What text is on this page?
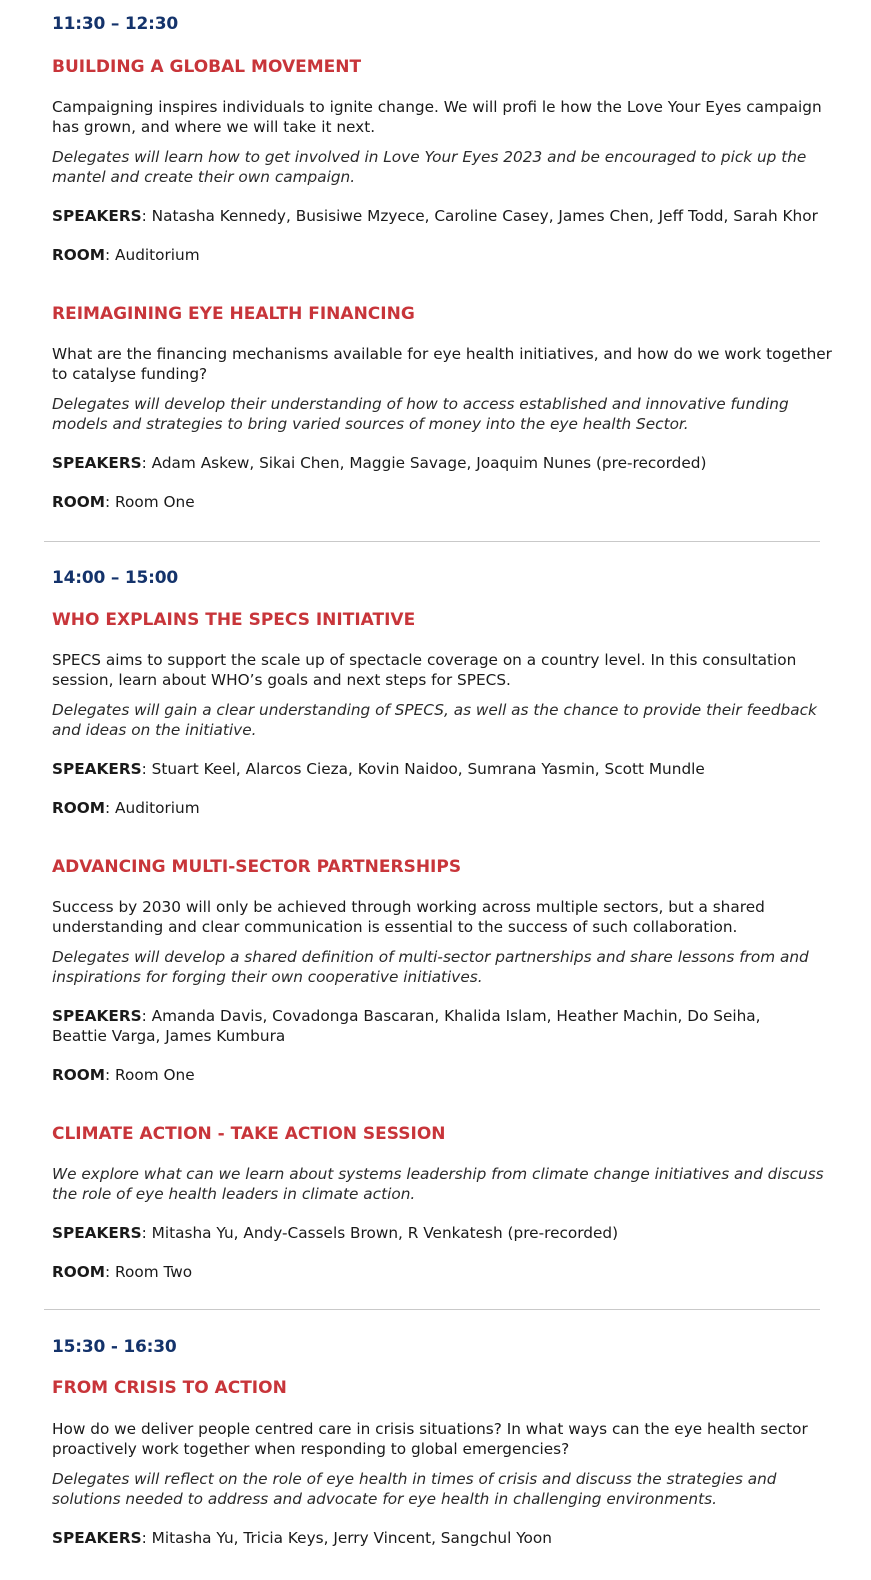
11:30 – 12:30
BUILDING A GLOBAL MOVEMENT
Campaigning inspires individuals to ignite change. We will profi le how the Love Your Eyes campaign has grown, and where we will take it next.
Delegates will learn how to get involved in Love Your Eyes 2023 and be encouraged to pick up the mantel and create their own campaign.
SPEAKERS: Natasha Kennedy, Busisiwe Mzyece, Caroline Casey, James Chen, Jeff Todd, Sarah Khor
ROOM: Auditorium
REIMAGINING EYE HEALTH FINANCING
What are the financing mechanisms available for eye health initiatives, and how do we work together to catalyse funding?
Delegates will develop their understanding of how to access established and innovative funding models and strategies to bring varied sources of money into the eye health Sector.
SPEAKERS: Adam Askew, Sikai Chen, Maggie Savage, Joaquim Nunes (pre-recorded)
ROOM: Room One
14:00 – 15:00
WHO EXPLAINS THE SPECS INITIATIVE
SPECS aims to support the scale up of spectacle coverage on a country level. In this consultation session, learn about WHO’s goals and next steps for SPECS.
Delegates will gain a clear understanding of SPECS, as well as the chance to provide their feedback and ideas on the initiative.
SPEAKERS: Stuart Keel, Alarcos Cieza, Kovin Naidoo, Sumrana Yasmin, Scott Mundle
ROOM: Auditorium
ADVANCING MULTI-SECTOR PARTNERSHIPS
Success by 2030 will only be achieved through working across multiple sectors, but a shared understanding and clear communication is essential to the success of such collaboration.
Delegates will develop a shared definition of multi-sector partnerships and share lessons from and inspirations for forging their own cooperative initiatives.
SPEAKERS: Amanda Davis, Covadonga Bascaran, Khalida Islam, Heather Machin, Do Seiha, Beattie Varga, James Kumbura
ROOM: Room One
CLIMATE ACTION - TAKE ACTION SESSION
We explore what can we learn about systems leadership from climate change initiatives and discuss the role of eye health leaders in climate action.
SPEAKERS: Mitasha Yu, Andy-Cassels Brown, R Venkatesh (pre-recorded)
ROOM: Room Two
15:30 - 16:30
FROM CRISIS TO ACTION
How do we deliver people centred care in crisis situations? In what ways can the eye health sector proactively work together when responding to global emergencies?
Delegates will reflect on the role of eye health in times of crisis and discuss the strategies and solutions needed to address and advocate for eye health in challenging environments.
SPEAKERS: Mitasha Yu, Tricia Keys, Jerry Vincent, Sangchul Yoon
